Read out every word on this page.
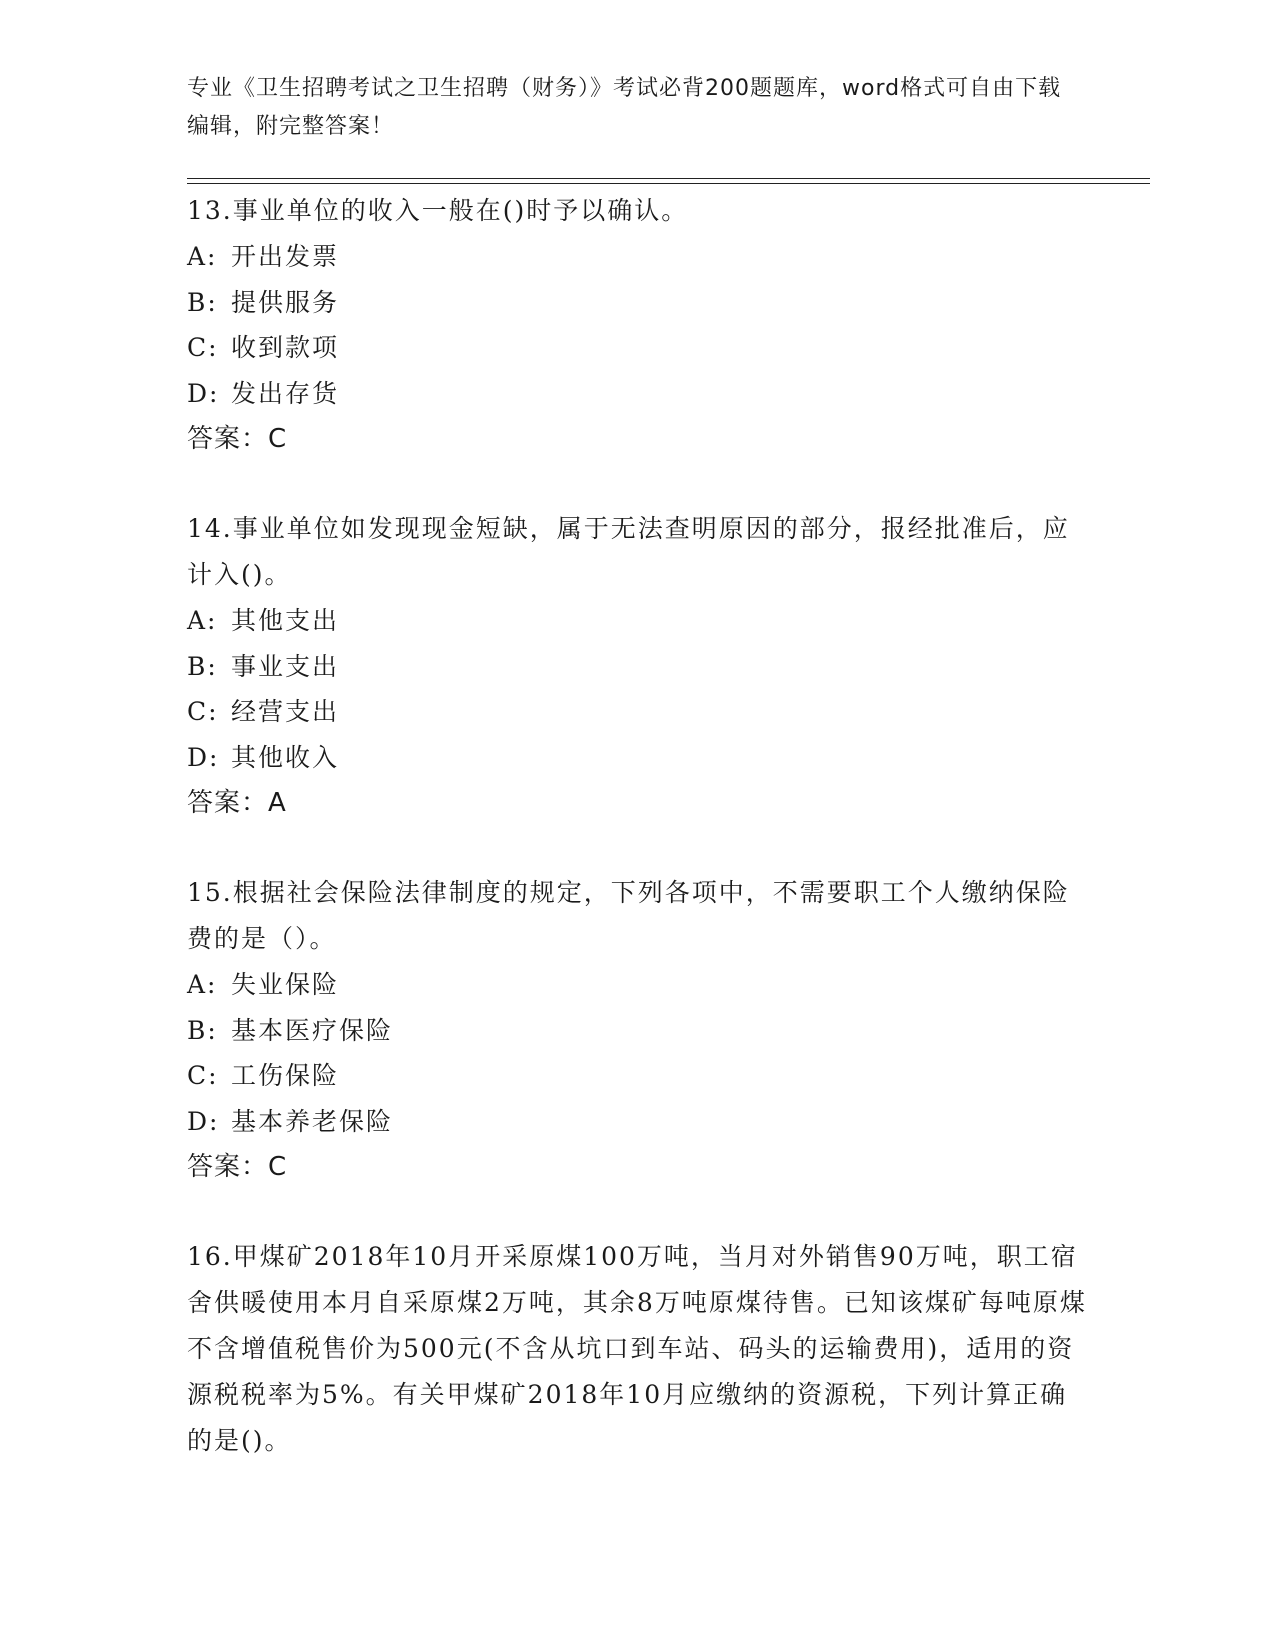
专业《卫生招聘考试之卫生招聘（财务）》考试必背200题题库，word格式可自由下载编辑，附完整答案！
13.事业单位的收入一般在()时予以确认。
A: 开出发票
B: 提供服务
C: 收到款项
D: 发出存货
答案：C
14.事业单位如发现现金短缺，属于无法查明原因的部分，报经批准后，应计入()。
A: 其他支出
B: 事业支出
C: 经营支出
D: 其他收入
答案：A
15.根据社会保险法律制度的规定，下列各项中，不需要职工个人缴纳保险费的是（）。
A: 失业保险
B: 基本医疗保险
C: 工伤保险
D: 基本养老保险
答案：C
16.甲煤矿2018年10月开采原煤100万吨，当月对外销售90万吨，职工宿舍供暖使用本月自采原煤2万吨，其余8万吨原煤待售。已知该煤矿每吨原煤不含增值税售价为500元(不含从坑口到车站、码头的运输费用)，适用的资源税税率为5%。有关甲煤矿2018年10月应缴纳的资源税，下列计算正确的是()。
